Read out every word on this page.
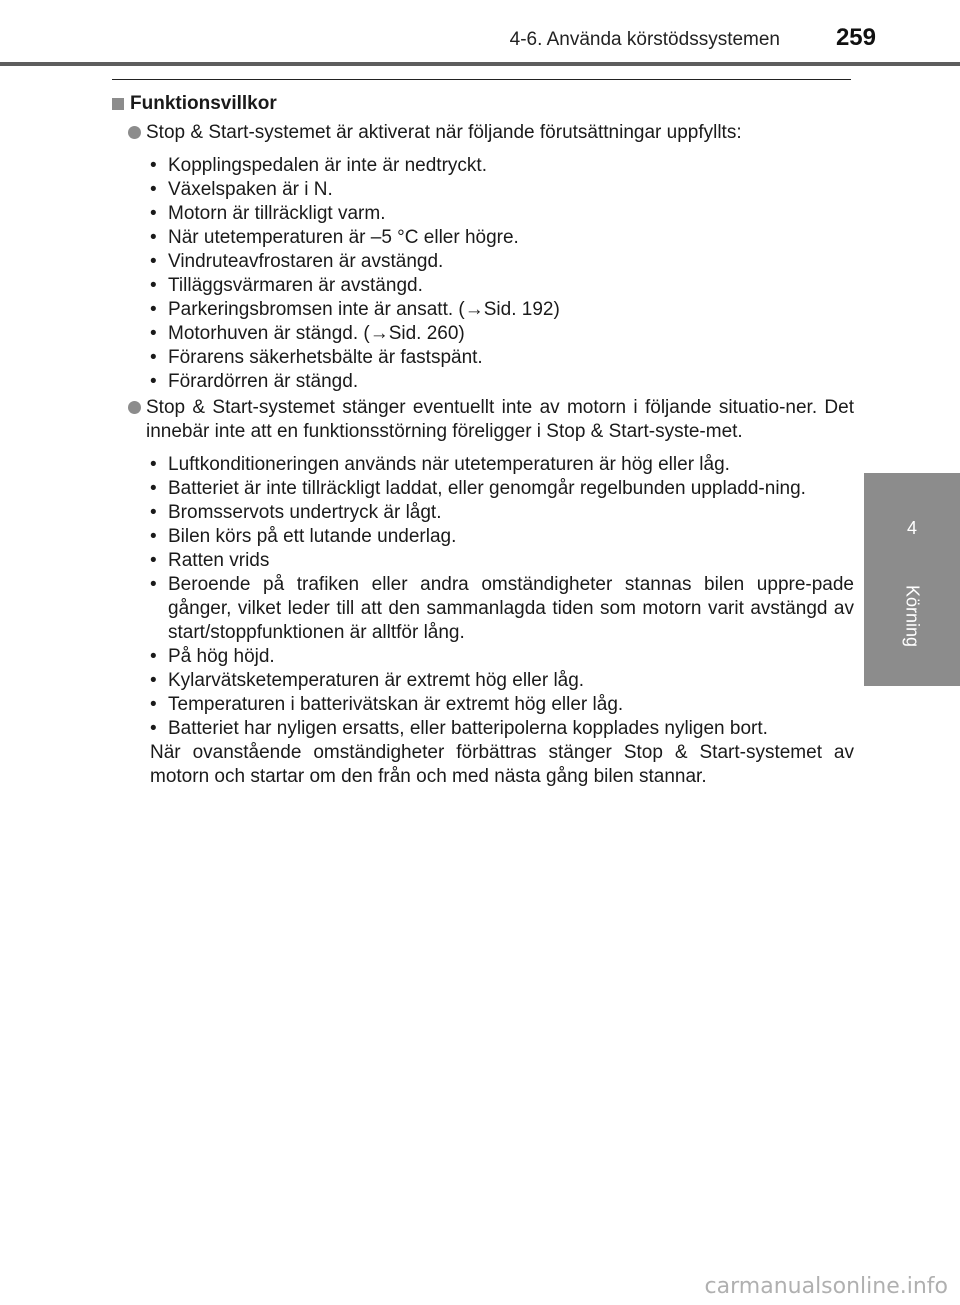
4-6. Använda körstödssystemen 259
4
Körning
Funktionsvillkor
Stop & Start-systemet är aktiverat när följande förutsättningar uppfyllts:
• Kopplingspedalen är inte är nedtryckt.
• Växelspaken är i N.
• Motorn är tillräckligt varm.
• När utetemperaturen är –5 °C eller högre.
• Vindruteavfrostaren är avstängd.
• Tilläggsvärmaren är avstängd.
• Parkeringsbromsen inte är ansatt. (→Sid. 192)
• Motorhuven är stängd. (→Sid. 260)
• Förarens säkerhetsbälte är fastspänt.
• Förardörren är stängd.
Stop & Start-systemet stänger eventuellt inte av motorn i följande situatio-ner. Det innebär inte att en funktionsstörning föreligger i Stop & Start-syste-met.
• Luftkonditioneringen används när utetemperaturen är hög eller låg.
• Batteriet är inte tillräckligt laddat, eller genomgår regelbunden uppladd-ning.
• Bromsservots undertryck är lågt.
• Bilen körs på ett lutande underlag.
• Ratten vrids
• Beroende på trafiken eller andra omständigheter stannas bilen uppre-pade gånger, vilket leder till att den sammanlagda tiden som motorn varit avstängd av start/stoppfunktionen är alltför lång.
• På hög höjd.
• Kylarvätsketemperaturen är extremt hög eller låg.
• Temperaturen i batterivätskan är extremt hög eller låg.
• Batteriet har nyligen ersatts, eller batteripolerna kopplades nyligen bort.
När ovanstående omständigheter förbättras stänger Stop & Start-systemet av motorn och startar om den från och med nästa gång bilen stannar.
carmanualsonline.info
